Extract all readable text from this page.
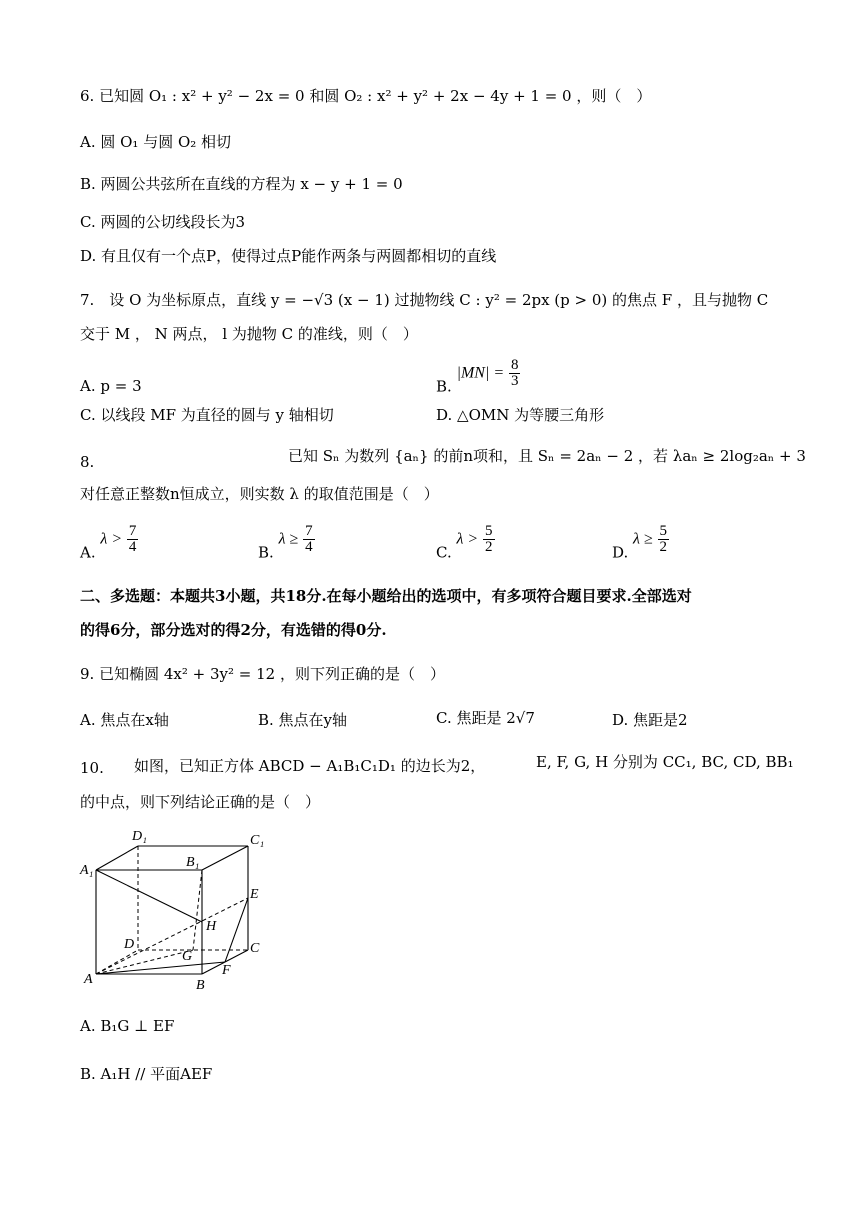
6. 已知圆 O₁ : x² + y² − 2x = 0 和圆 O₂ : x² + y² + 2x − 4y + 1 = 0 ，则（　）
A. 圆 O₁ 与圆 O₂ 相切
B. 两圆公共弦所在直线的方程为 x − y + 1 = 0
C. 两圆的公切线段长为3
D. 有且仅有一个点P，使得过点P能作两条与两圆都相切的直线
7.　设 O 为坐标原点，直线 y = −√3 (x − 1) 过抛物线 C : y² = 2px (p > 0) 的焦点 F ，且与抛物 C
交于 M ， N 两点， l 为抛物 C 的准线，则（　）
A. p = 3	B. $|MN| = \frac{8}{3}$
C. 以线段 MF 为直径的圆与 y 轴相切	D. △OMN 为等腰三角形
8.	已知 Sₙ 为数列 {aₙ} 的前n项和，且 Sₙ = 2aₙ − 2 ，若 λaₙ ≥ 2log₂aₙ + 3
对任意正整数n恒成立，则实数 λ 的取值范围是（　）
A. $\lambda > \frac{7}{4}$	B. $\lambda \ge \frac{7}{4}$	C. $\lambda > \frac{5}{2}$	D. $\lambda \ge \frac{5}{2}$
二、多选题：本题共3小题，共18分.在每小题给出的选项中，有多项符合题目要求.全部选对
的得6分，部分选对的得2分，有选错的得0分.
9. 已知椭圆 4x² + 3y² = 12 ，则下列正确的是（　）
A. 焦点在x轴	B. 焦点在y轴	C. 焦距是 2√7	D. 焦距是2
10. 如图，已知正方体 ABCD − A₁B₁C₁D₁ 的边长为2，	E, F, G, H 分别为 CC₁, BC, CD, BB₁
的中点，则下列结论正确的是（　）
D₁	C₁
A₁
B₁
E
H
D	C
G
F
A	B
A. B₁G ⊥ EF
B. A₁H // 平面AEF
